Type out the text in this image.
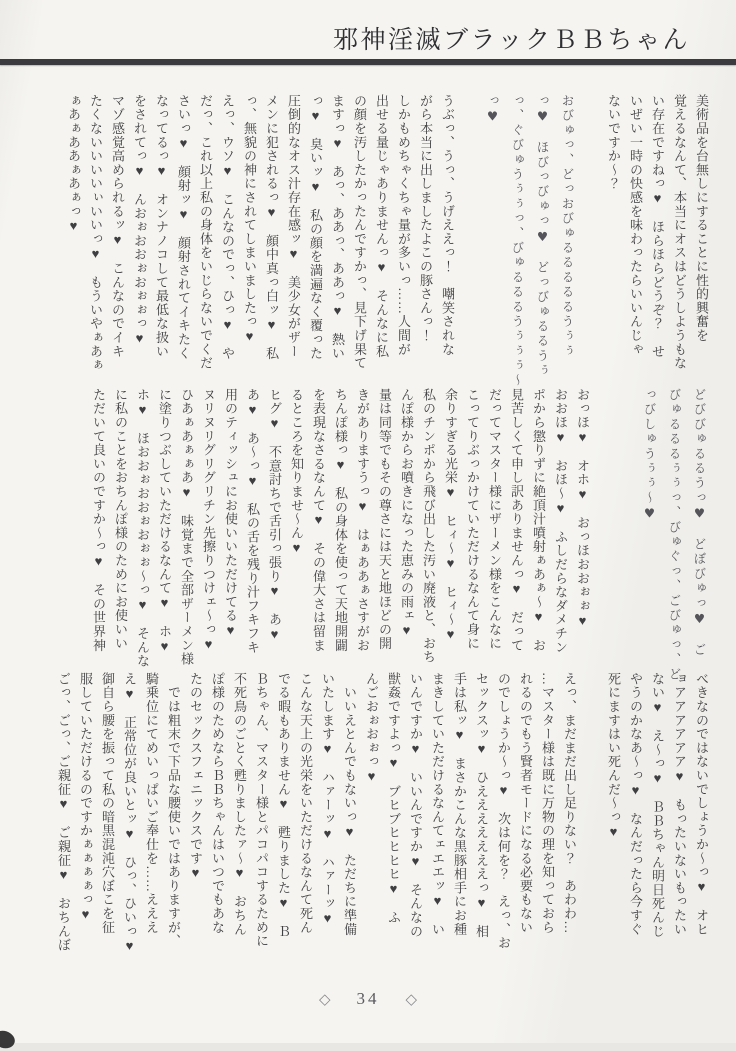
邪神淫滅ブラックＢＢちゃん
美術品を台無しにすることに性的興奮を
覚えるなんて、本当にオスはどうしようもな
い存在ですねっ♥　ほらほらどうぞ？　せ
いぜい一時の快感を味わったらいいんじゃ
ないですか～？
おびゅっ、どっおびゅるるるるるうぅぅ
っ♥　ほびっびゅっ♥　どっびゅるるうぅ
っ、ぐびゅうぅぅっ、びゅるるるうぅぅぅ～
っ♥
うぶっ、うっ、うげええっ！　嘲笑されな
がら本当に出しましたよこの豚さんっ！
しかもめちゃくちゃ量が多いっ……人間が
出せる量じゃありませんっ♥　そんなに私
の顔を汚したかったんですかっ、見下げ果て
ますっ♥　あっ、ああっ、ああっ♥　熱い
っ♥　臭いッ♥　私の顔を満遍なく覆った
圧倒的なオス汁存在感ッ♥　美少女がザー
メンに犯されるっ♥　顔中真っ白ッ♥　私
っ、無貌の神にされてしまいましたっ♥
えっ、ウソ♥　こんなのでっ、ひっ♥　や
だっ、これ以上私の身体をいじらないでくだ
さいっ♥　顔射ッ♥　顔射されてイキたく
なってるっ♥　オンナノコして最低な扱い
をされてっ♥　んおぉおおぉおぉぉっ♥
マゾ感覚高められるッ♥　こんなのでイキ
たくないいいいぃいいっ♥　もういやぁあぁ
ぁあぁああぁあぁっ♥
どびびゅるるうっ♥　どぼびゅっ♥　ご
びゅるるるぅぅっ、びゅぐっ、ごびゅっ、ど
っびしゅうぅぅ～♥
おっほ♥　オホ♥　おっほおおぉぉ♥
おおほ♥　おほ～♥　ふしだらなダメチン
ポから懲りずに絶頂汁噴射ぁあぁ～♥　お
見苦しくて申し訳ありませんっ♥　だって
だってマスター様にザーメン様をこんなに
こってりぶっかけていただけるなんて身に
余りすぎる光栄♥　ヒィ～♥　ヒィ～♥
私のチンポから飛び出した汚い廃液と、おち
んぽ様からお噴きになった恵みの雨ェ♥
量は同等でもその尊さには天と地ほどの開
きがありますうっ♥　はぁああぁさすがお
ちんぽ様っ♥　私の身体を使って天地開闢
を表現なさるなんて♥　その偉大さは留ま
るところを知りませ～ん♥
ヒグ♥　不意討ちで舌引っ張り♥　あ♥
あ♥　あ～っ♥　私の舌を残り汁フキフキ
用のティッシュにお使いいただけてる♥
ヌリヌリグリグリチン先擦りつけェ～っ♥
ひあぁあぁぁあ♥　味覚まで全部ザーメン様
に塗りつぶしていただけるなんて♥　ホ♥
ホ♥　ほおおぉおおぉおぉぉ～っ♥　そんな
に私のことをおちんぽ様のためにお使いい
ただいて良いのですか～っ♥　その世界神
べきなのではないでしょうか～っ♥　オヒ
ョアアアアアア♥　もったいないもったい
ない♥　え～っ♥　ＢＢちゃん明日死んじ
やうのかなあ～っ♥　なんだったら今すぐ
死にますはい死んだ～っ♥
えっ、まだまだ出し足りない？　あわわ…
…マスター様は既に万物の理を知っておら
れるのでもう賢者モードになる必要もない
のでしょうか～っ♥　次は何を？　えっ、お
セックスッ♥　ひえええええええっ♥　相
手は私ッ♥　まさかこんな黒豚相手にお種
まきしていただけるなんてェエエッ♥　い
いんですか♥　いいんですか♥　そんなの
獣姦ですよっ♥　ブヒブヒヒヒヒ♥　ふ
んごおぉおぉっ♥
　いいえとんでもないっ♥　ただちに準備
いたします♥　ハァーッ♥　ハァーッ♥
こんな天上の光栄をいただけるなんて死ん
でる暇もありません♥　甦りました♥　Ｂ
Ｂちゃん、マスター様とパコパコするために
不死鳥のごとく甦りましたァ～♥　おちん
ぽ様のためならＢＢちゃんはいつでもあな
たのセックスフェニックスです♥
　では粗末で下品な腰使いではありますが、
騎乗位にてめいっぱいご奉仕を……えええ
え♥　正常位が良いとッ♥　ひっ、ひいっ♥
御自ら腰を振って私の暗黒混沌穴ぼこを征
服していただけるのですかぁぁぁぁっ♥
ごっ、ごっ、ご親征♥　ご親征♥　おちんぼ
◇ 34 ◇
